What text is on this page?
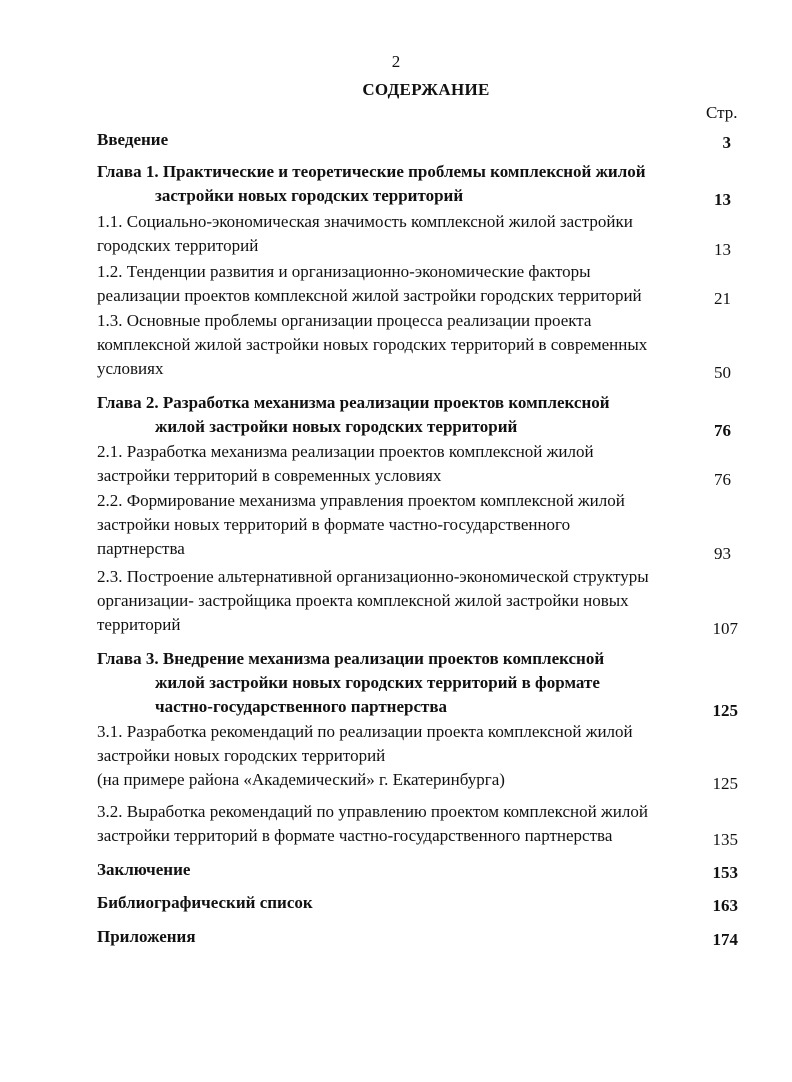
2
СОДЕРЖАНИЕ
Стр.
Введение	3
Глава 1. Практические и теоретические проблемы комплексной жилой
застройки новых городских территорий	13
1.1. Социально-экономическая значимость комплексной жилой застройки
городских территорий	13
1.2. Тенденции развития и организационно-экономические факторы
реализации проектов комплексной жилой застройки городских территорий	21
1.3. Основные проблемы организации процесса реализации проекта
комплексной жилой застройки новых городских территорий в современных
условиях	50
Глава 2. Разработка механизма реализации проектов комплексной
жилой застройки новых городских территорий	76
2.1. Разработка механизма реализации проектов комплексной жилой
застройки территорий в современных условиях	76
2.2. Формирование механизма управления проектом комплексной жилой
застройки новых территорий в формате частно-государственного
партнерства	93
2.3. Построение альтернативной организационно-экономической структуры
организации- застройщика проекта комплексной жилой застройки новых
территорий	107
Глава 3. Внедрение механизма реализации проектов комплексной
жилой застройки новых городских территорий в формате
частно-государственного партнерства	125
3.1. Разработка рекомендаций по реализации проекта комплексной жилой
застройки новых городских территорий
(на примере района «Академический» г. Екатеринбурга)	125
3.2. Выработка рекомендаций по управлению проектом комплексной жилой
застройки территорий в формате частно-государственного партнерства	135
Заключение	153
Библиографический список	163
Приложения	174
